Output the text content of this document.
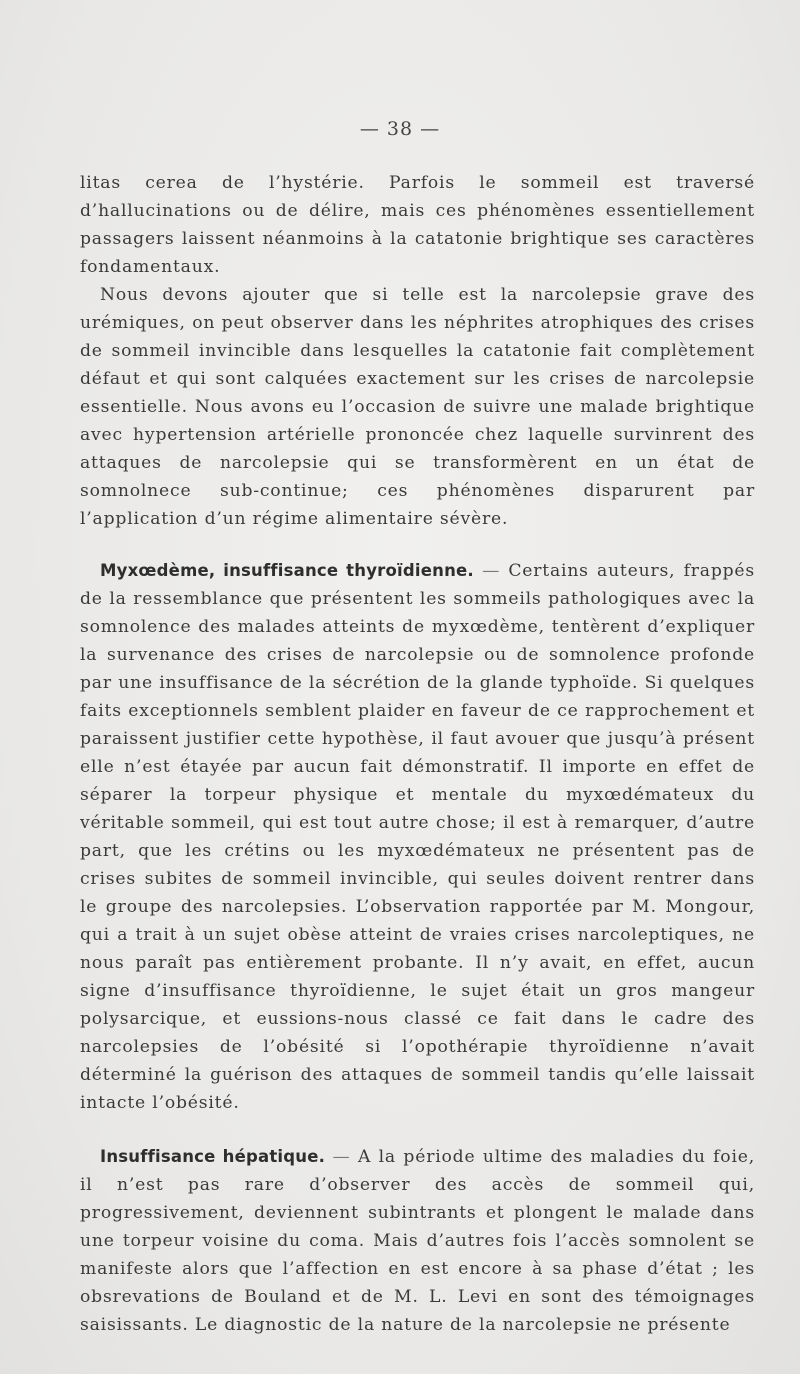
— 38 —

litas cerea de l’hystérie. Parfois le sommeil est traversé d’hallucinations ou de délire, mais ces phénomènes essentiellement passagers laissent néanmoins à la catatonie brightique ses caractères fondamentaux.

Nous devons ajouter que si telle est la narcolepsie grave des urémiques, on peut observer dans les néphrites atrophiques des crises de sommeil invincible dans lesquelles la catatonie fait complètement défaut et qui sont calquées exactement sur les crises de narcolepsie essentielle. Nous avons eu l’occasion de suivre une malade brightique avec hypertension artérielle prononcée chez laquelle survinrent des attaques de narcolepsie qui se transformèrent en un état de somnolnece sub-continue; ces phénomènes disparurent par l’application d’un régime alimentaire sévère.

Myxœdème, insuffisance thyroïdienne. — Certains auteurs, frappés de la ressemblance que présentent les sommeils pathologiques avec la somnolence des malades atteints de myxœdème, tentèrent d’expliquer la survenance des crises de narcolepsie ou de somnolence profonde par une insuffisance de la sécrétion de la glande typhoïde. Si quelques faits exceptionnels semblent plaider en faveur de ce rapprochement et paraissent justifier cette hypothèse, il faut avouer que jusqu’à présent elle n’est étayée par aucun fait démonstratif. Il importe en effet de séparer la torpeur physique et mentale du myxœdémateux du véritable sommeil, qui est tout autre chose; il est à remarquer, d’autre part, que les crétins ou les myxœdémateux ne présentent pas de crises subites de sommeil invincible, qui seules doivent rentrer dans le groupe des narcolepsies. L’observation rapportée par M. Mongour, qui a trait à un sujet obèse atteint de vraies crises narcoleptiques, ne nous paraît pas entièrement probante. Il n’y avait, en effet, aucun signe d’insuffisance thyroïdienne, le sujet était un gros mangeur polysarcique, et eussions-nous classé ce fait dans le cadre des narcolepsies de l’obésité si l’opothérapie thyroïdienne n’avait déterminé la guérison des attaques de sommeil tandis qu’elle laissait intacte l’obésité.

Insuffisance hépatique. — A la période ultime des maladies du foie, il n’est pas rare d’observer des accès de sommeil qui, progressivement, deviennent subintrants et plongent le malade dans une torpeur voisine du coma. Mais d’autres fois l’accès somnolent se manifeste alors que l’affection en est encore à sa phase d’état ; les obsrevations de Bouland et de M. L. Levi en sont des témoignages saisissants. Le diagnostic de la nature de la narcolepsie ne présente
